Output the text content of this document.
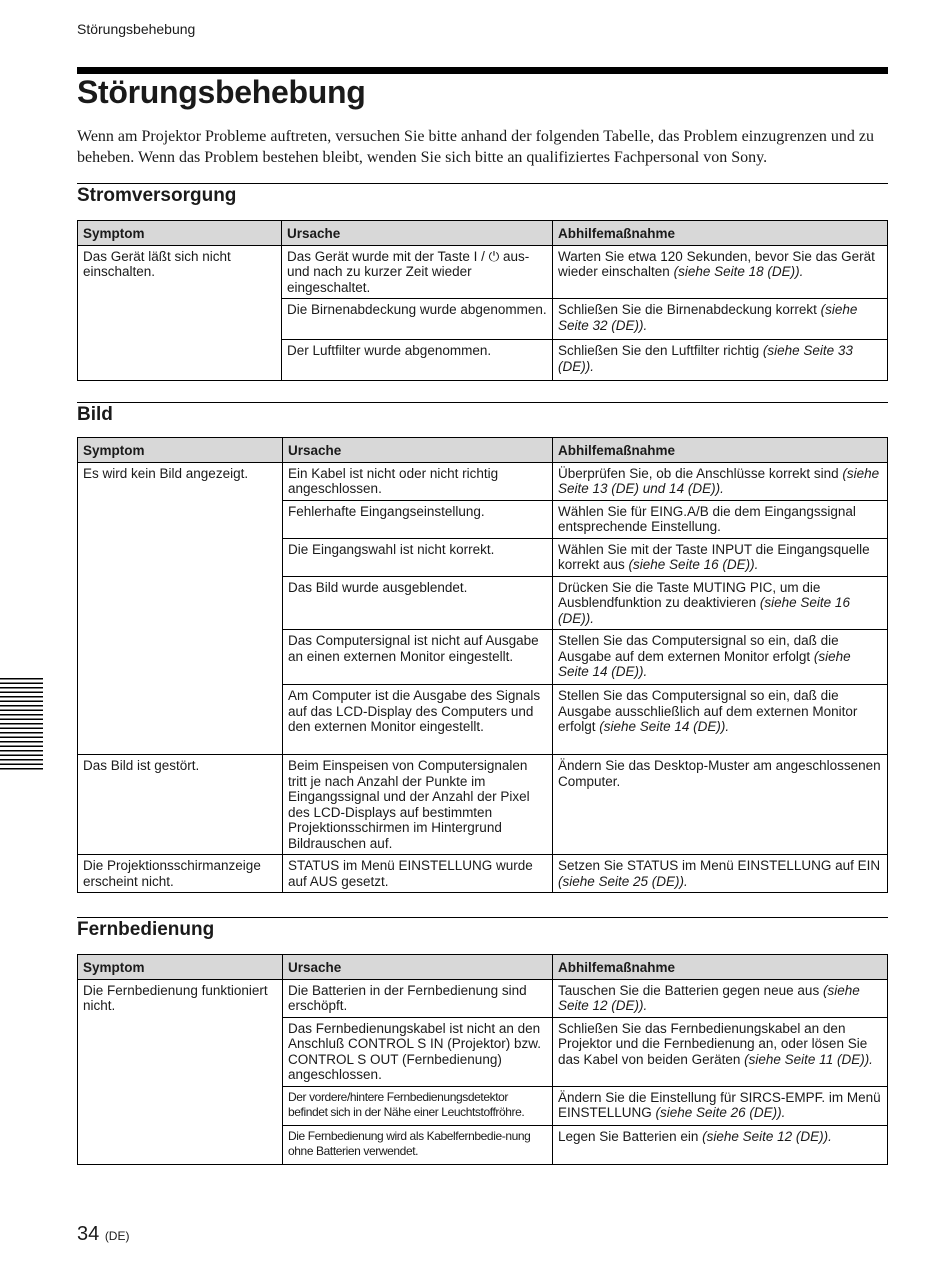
Störungsbehebung
Störungsbehebung

Wenn am Projektor Probleme auftreten, versuchen Sie bitte anhand der folgenden Tabelle, das Problem einzugrenzen und zu beheben. Wenn das Problem bestehen bleibt, wenden Sie sich bitte an qualifiziertes Fachpersonal von Sony.

Stromversorgung
Symptom	Ursache	Abhilfemaßnahme
Das Gerät läßt sich nicht einschalten.	Das Gerät wurde mit der Taste I / ⏻ aus- und nach zu kurzer Zeit wieder eingeschaltet.	Warten Sie etwa 120 Sekunden, bevor Sie das Gerät wieder einschalten (siehe Seite 18 (DE)).
	Die Birnenabdeckung wurde abgenommen.	Schließen Sie die Birnenabdeckung korrekt (siehe Seite 32 (DE)).
	Der Luftfilter wurde abgenommen.	Schließen Sie den Luftfilter richtig (siehe Seite 33 (DE)).
Bild
Symptom	Ursache	Abhilfemaßnahme
Es wird kein Bild angezeigt.	Ein Kabel ist nicht oder nicht richtig angeschlossen.	Überprüfen Sie, ob die Anschlüsse korrekt sind (siehe Seite 13 (DE) und 14 (DE)).
	Fehlerhafte Eingangseinstellung.	Wählen Sie für EING.A/B die dem Eingangssignal entsprechende Einstellung.
	Die Eingangswahl ist nicht korrekt.	Wählen Sie mit der Taste INPUT die Eingangsquelle korrekt aus (siehe Seite 16 (DE)).
	Das Bild wurde ausgeblendet.	Drücken Sie die Taste MUTING PIC, um die Ausblendfunktion zu deaktivieren (siehe Seite 16 (DE)).
	Das Computersignal ist nicht auf Ausgabe an einen externen Monitor eingestellt.	Stellen Sie das Computersignal so ein, daß die Ausgabe auf dem externen Monitor erfolgt (siehe Seite 14 (DE)).
	Am Computer ist die Ausgabe des Signals auf das LCD-Display des Computers und den externen Monitor eingestellt.	Stellen Sie das Computersignal so ein, daß die Ausgabe ausschließlich auf dem externen Monitor erfolgt (siehe Seite 14 (DE)).
Das Bild ist gestört.	Beim Einspeisen von Computersignalen tritt je nach Anzahl der Punkte im Eingangssignal und der Anzahl der Pixel des LCD-Displays auf bestimmten Projektionsschirmen im Hintergrund Bildrauschen auf.	Ändern Sie das Desktop-Muster am angeschlossenen Computer.
Die Projektionsschirmanzeige erscheint nicht.	STATUS im Menü EINSTELLUNG wurde auf AUS gesetzt.	Setzen Sie STATUS im Menü EINSTELLUNG auf EIN (siehe Seite 25 (DE)).
Fernbedienung
Symptom	Ursache	Abhilfemaßnahme
Die Fernbedienung funktioniert nicht.	Die Batterien in der Fernbedienung sind erschöpft.	Tauschen Sie die Batterien gegen neue aus (siehe Seite 12 (DE)).
	Das Fernbedienungskabel ist nicht an den Anschluß CONTROL S IN (Projektor) bzw. CONTROL S OUT (Fernbedienung) angeschlossen.	Schließen Sie das Fernbedienungskabel an den Projektor und die Fernbedienung an, oder lösen Sie das Kabel von beiden Geräten (siehe Seite 11 (DE)).
	Der vordere/hintere Fernbedienungsdetektor befindet sich in der Nähe einer Leuchtstoffröhre.	Ändern Sie die Einstellung für SIRCS-EMPF. im Menü EINSTELLUNG (siehe Seite 26 (DE)).
	Die Fernbedienung wird als Kabelfernbedie-nung ohne Batterien verwendet.	Legen Sie Batterien ein (siehe Seite 12 (DE)).
34 (DE)
